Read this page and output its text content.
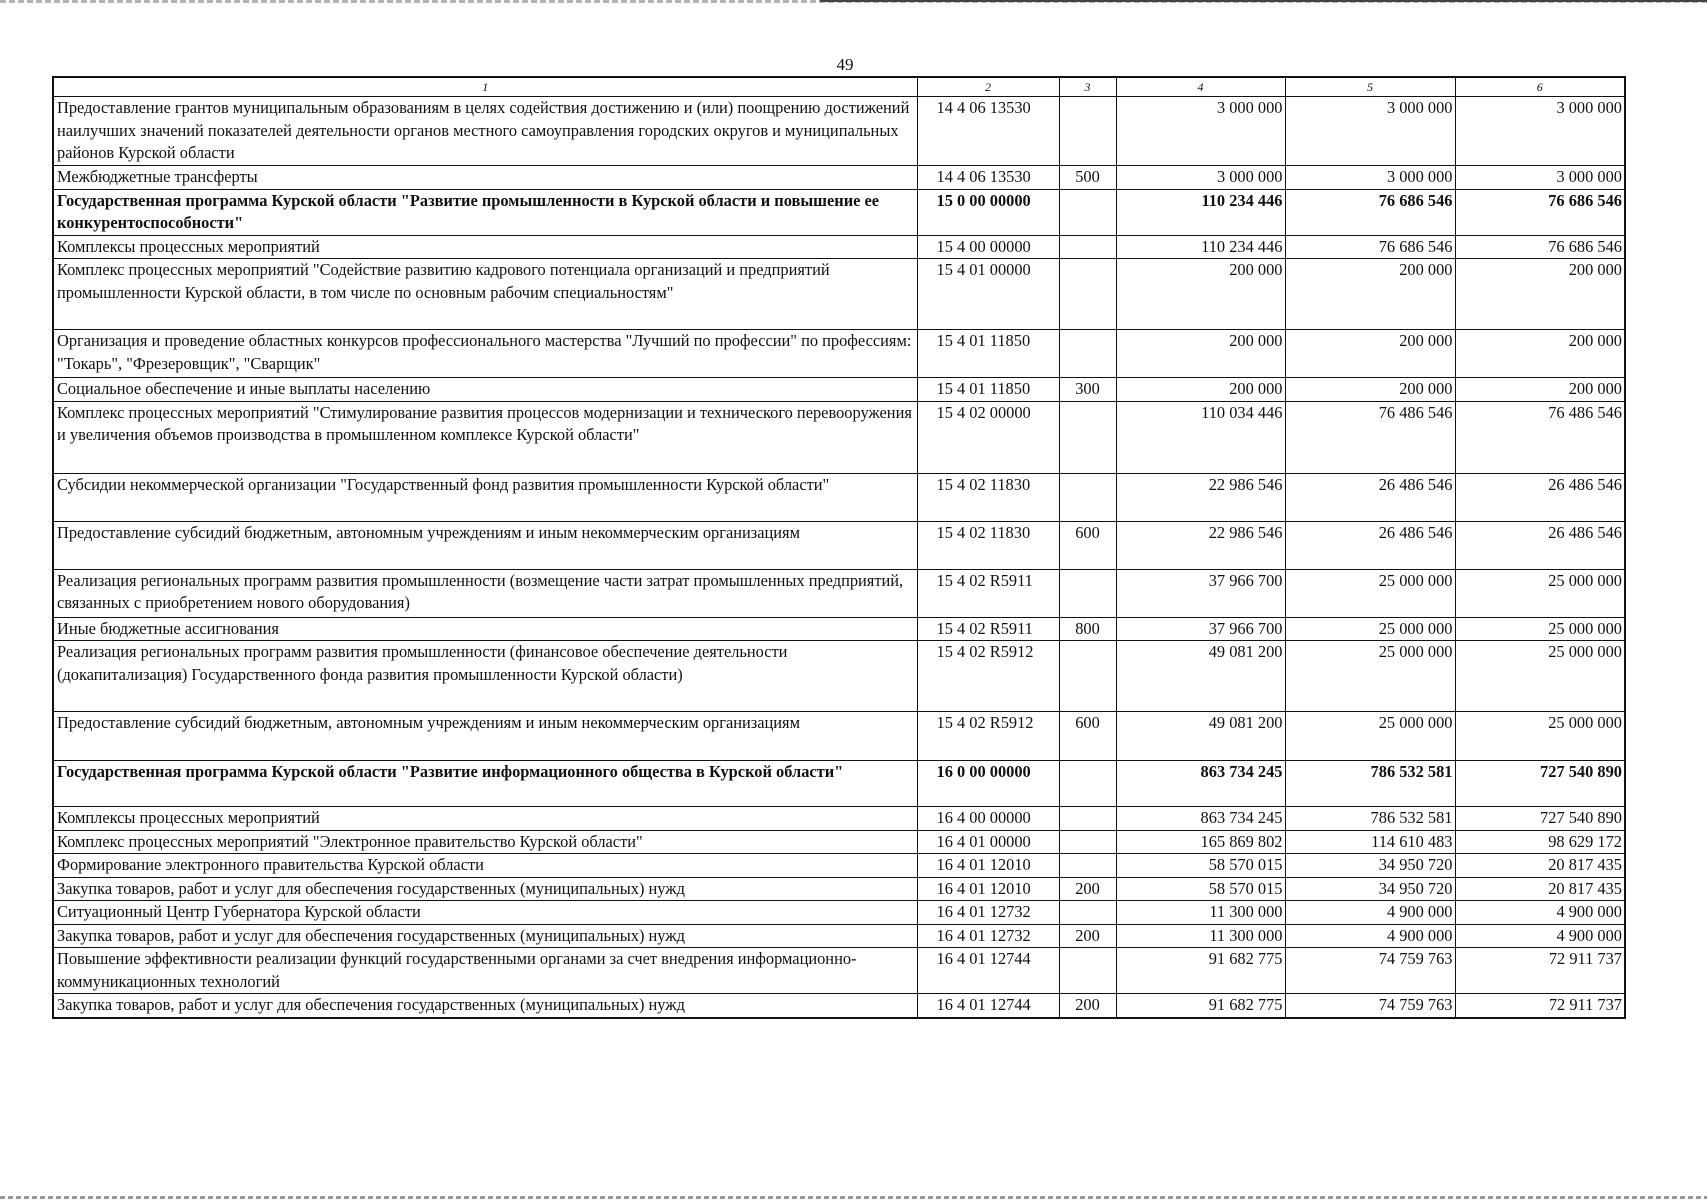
49
1	2	3	4	5	6
Предоставление грантов муниципальным образованиям в целях содействия достижению и (или) поощрению достижений наилучших значений показателей деятельности органов местного самоуправления городских округов и муниципальных районов Курской области	14 4 06 13530		3 000 000	3 000 000	3 000 000
Межбюджетные трансферты	14 4 06 13530	500	3 000 000	3 000 000	3 000 000
Государственная программа Курской области "Развитие промышленности в Курской области и повышение ее конкурентоспособности"	15 0 00 00000		110 234 446	76 686 546	76 686 546
Комплексы процессных мероприятий	15 4 00 00000		110 234 446	76 686 546	76 686 546
Комплекс процессных мероприятий "Содействие развитию кадрового потенциала организаций и предприятий промышленности Курской области, в том числе по основным рабочим специальностям"	15 4 01 00000		200 000	200 000	200 000
Организация и проведение областных конкурсов профессионального мастерства "Лучший по профессии" по профессиям: "Токарь", "Фрезеровщик", "Сварщик"	15 4 01 11850		200 000	200 000	200 000
Социальное обеспечение и иные выплаты населению	15 4 01 11850	300	200 000	200 000	200 000
Комплекс процессных мероприятий "Стимулирование развития процессов модернизации и технического перевооружения и увеличения объемов производства в промышленном комплексе Курской области"	15 4 02 00000		110 034 446	76 486 546	76 486 546
Субсидии некоммерческой организации "Государственный фонд развития промышленности Курской области"	15 4 02 11830		22 986 546	26 486 546	26 486 546
Предоставление субсидий бюджетным, автономным учреждениям и иным некоммерческим организациям	15 4 02 11830	600	22 986 546	26 486 546	26 486 546
Реализация региональных программ развития промышленности (возмещение части затрат промышленных предприятий, связанных с приобретением нового оборудования)	15 4 02 R5911		37 966 700	25 000 000	25 000 000
Иные бюджетные ассигнования	15 4 02 R5911	800	37 966 700	25 000 000	25 000 000
Реализация региональных программ развития промышленности (финансовое обеспечение деятельности (докапитализация) Государственного фонда развития промышленности Курской области)	15 4 02 R5912		49 081 200	25 000 000	25 000 000
Предоставление субсидий бюджетным, автономным учреждениям и иным некоммерческим организациям	15 4 02 R5912	600	49 081 200	25 000 000	25 000 000
Государственная программа Курской области "Развитие информационного общества в Курской области"	16 0 00 00000		863 734 245	786 532 581	727 540 890
Комплексы процессных мероприятий	16 4 00 00000		863 734 245	786 532 581	727 540 890
Комплекс процессных мероприятий "Электронное правительство Курской области"	16 4 01 00000		165 869 802	114 610 483	98 629 172
Формирование электронного правительства Курской области	16 4 01 12010		58 570 015	34 950 720	20 817 435
Закупка товаров, работ и услуг для обеспечения государственных (муниципальных) нужд	16 4 01 12010	200	58 570 015	34 950 720	20 817 435
Ситуационный Центр Губернатора Курской области	16 4 01 12732		11 300 000	4 900 000	4 900 000
Закупка товаров, работ и услуг для обеспечения государственных (муниципальных) нужд	16 4 01 12732	200	11 300 000	4 900 000	4 900 000
Повышение эффективности реализации функций государственными органами за счет внедрения информационно-коммуникационных технологий	16 4 01 12744		91 682 775	74 759 763	72 911 737
Закупка товаров, работ и услуг для обеспечения государственных (муниципальных) нужд	16 4 01 12744	200	91 682 775	74 759 763	72 911 737
